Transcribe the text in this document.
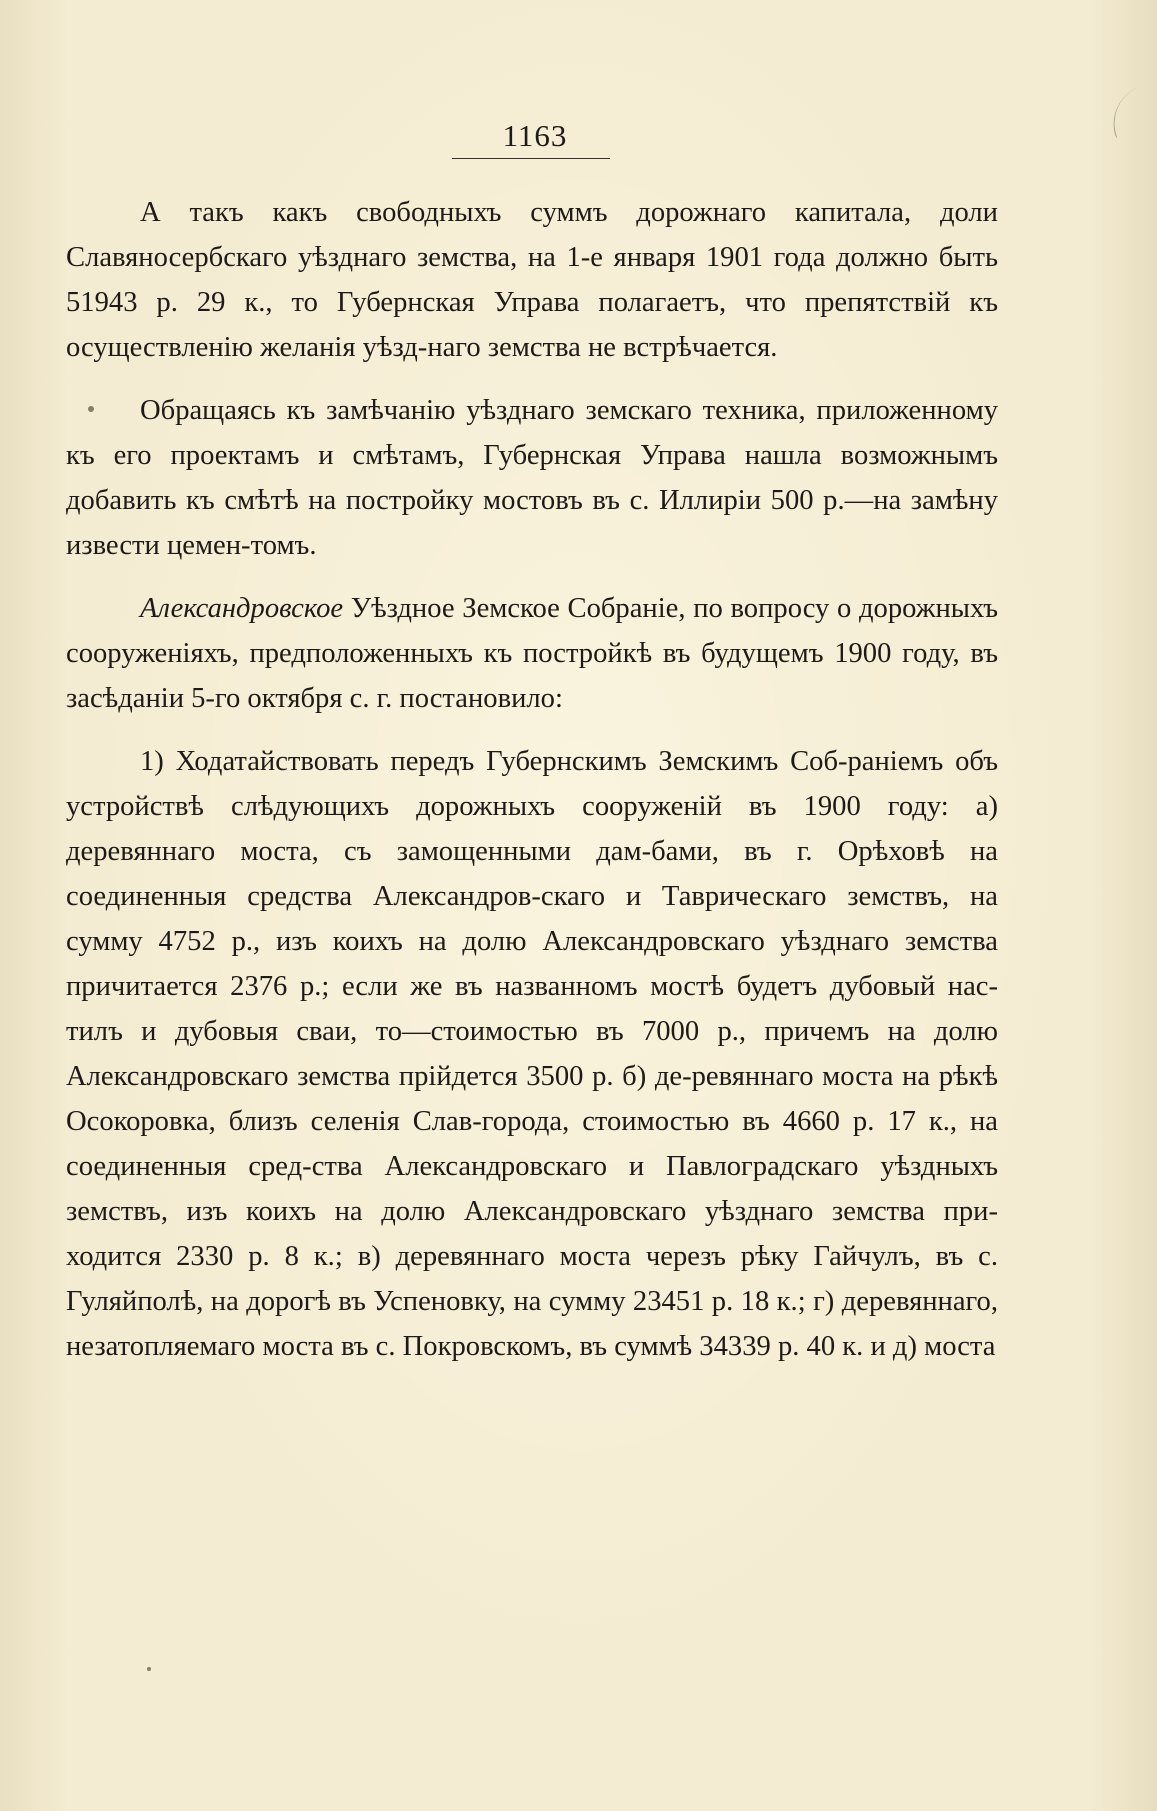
1163

А такъ какъ свободныхъ суммъ дорожнаго капитала, доли Славяносербскаго уѣзднаго земства, на 1-е января 1901 года должно быть 51943 р. 29 к., то Губернская Управа полагаетъ, что препятствій къ осуществленію желанія уѣзд-наго земства не встрѣчается.

Обращаясь къ замѣчанію уѣзднаго земскаго техника, приложенному къ его проектамъ и смѣтамъ, Губернская Управа нашла возможнымъ добавить къ смѣтѣ на постройку мостовъ въ с. Иллиріи 500 р.—на замѣну извести цемен-томъ.

Александровское Уѣздное Земское Собраніе, по вопросу о дорожныхъ сооруженіяхъ, предположенныхъ къ постройкѣ въ будущемъ 1900 году, въ засѣданіи 5-го октября с. г. постановило:

1) Ходатайствовать передъ Губернскимъ Земскимъ Соб-раніемъ объ устройствѣ слѣдующихъ дорожныхъ сооруженій въ 1900 году: а) деревяннаго моста, съ замощенными дам-бами, въ г. Орѣховѣ на соединенныя средства Александров-скаго и Таврическаго земствъ, на сумму 4752 р., изъ коихъ на долю Александровскаго уѣзднаго земства причитается 2376 р.; если же въ названномъ мостѣ будетъ дубовый нас-тилъ и дубовыя сваи, то—стоимостью въ 7000 р., причемъ на долю Александровскаго земства прійдется 3500 р. б) де-ревяннаго моста на рѣкѣ Осокоровка, близъ селенія Слав-города, стоимостью въ 4660 р. 17 к., на соединенныя сред-ства Александровскаго и Павлоградскаго уѣздныхъ земствъ, изъ коихъ на долю Александровскаго уѣзднаго земства при-ходится 2330 р. 8 к.; в) деревяннаго моста черезъ рѣку Гайчулъ, въ с. Гуляйполѣ, на дорогѣ въ Успеновку, на сумму 23451 р. 18 к.; г) деревяннаго, незатопляемаго моста въ с. Покровскомъ, въ суммѣ 34339 р. 40 к. и д) моста
